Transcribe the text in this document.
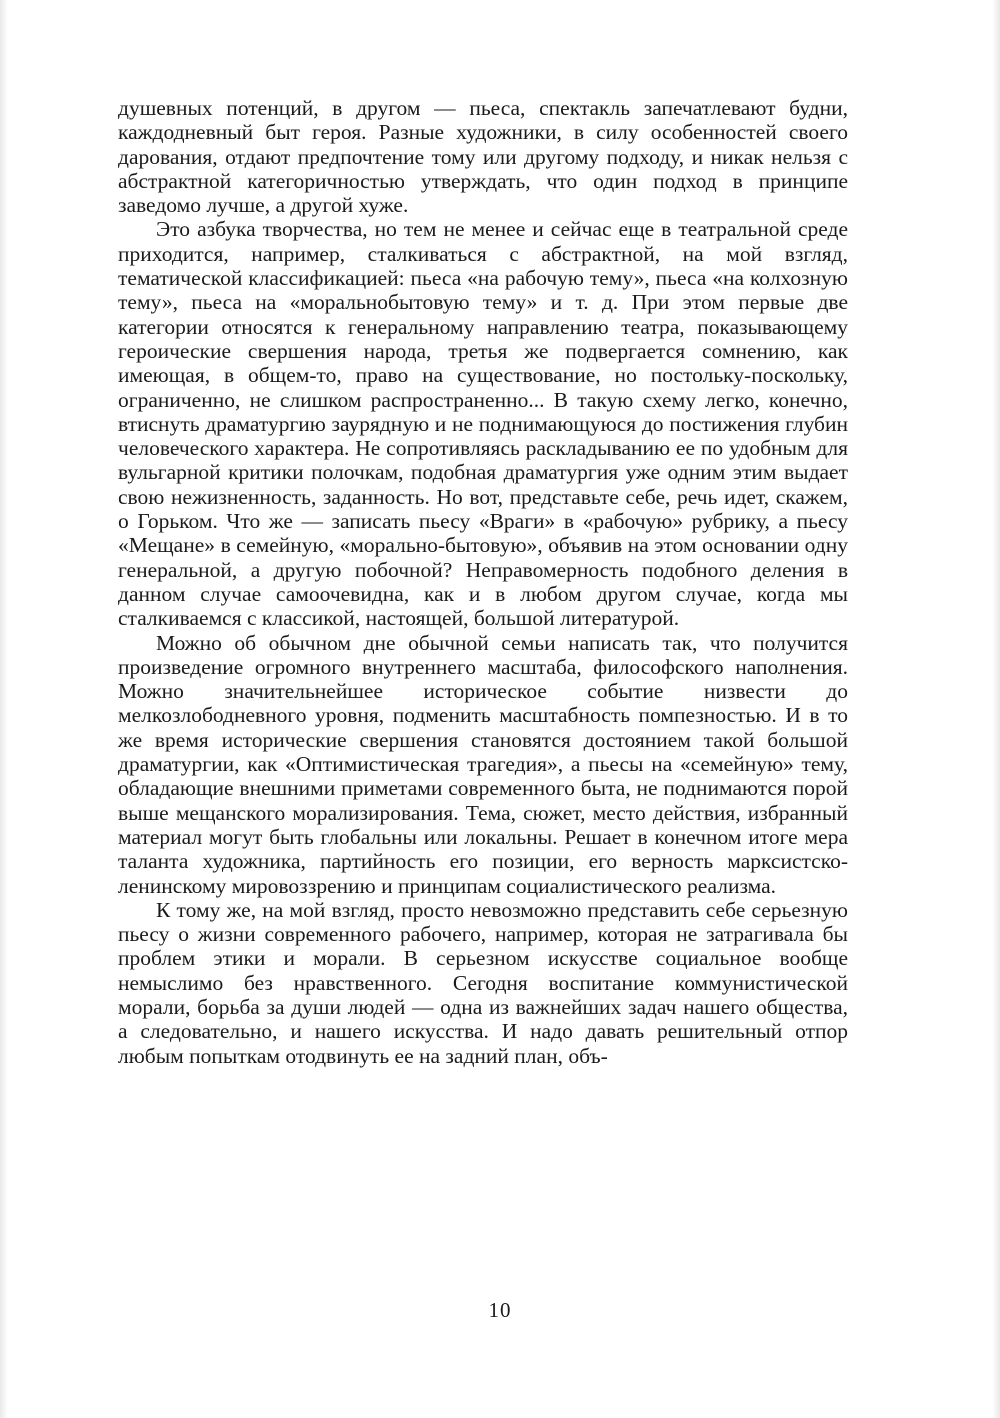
душевных потенций, в другом — пьеса, спектакль запечатлевают будни, каждодневный быт героя. Разные художники, в силу особенностей своего дарования, отдают предпочтение тому или другому подходу, и никак нельзя с абстрактной категоричностью утверждать, что один подход в принципе заведомо лучше, а другой хуже.

Это азбука творчества, но тем не менее и сейчас еще в театральной среде приходится, например, сталкиваться с абстрактной, на мой взгляд, тематической классификацией: пьеса «на рабочую тему», пьеса «на колхозную тему», пьеса на «моральнобытовую тему» и т. д. При этом первые две категории относятся к генеральному направлению театра, показывающему героические свершения народа, третья же подвергается сомнению, как имеющая, в общем-то, право на существование, но постольку-поскольку, ограниченно, не слишком распространенно... В такую схему легко, конечно, втиснуть драматургию заурядную и не поднимающуюся до постижения глубин человеческого характера. Не сопротивляясь раскладыванию ее по удобным для вульгарной критики полочкам, подобная драматургия уже одним этим выдает свою нежизненность, заданность. Но вот, представьте себе, речь идет, скажем, о Горьком. Что же — записать пьесу «Враги» в «рабочую» рубрику, а пьесу «Мещане» в семейную, «морально-бытовую», объявив на этом основании одну генеральной, а другую побочной? Неправомерность подобного деления в данном случае самоочевидна, как и в любом другом случае, когда мы сталкиваемся с классикой, настоящей, большой литературой.

Можно об обычном дне обычной семьи написать так, что получится произведение огромного внутреннего масштаба, философского наполнения. Можно значительнейшее историческое событие низвести до мелкозлободневного уровня, подменить масштабность помпезностью. И в то же время исторические свершения становятся достоянием такой большой драматургии, как «Оптимистическая трагедия», а пьесы на «семейную» тему, обладающие внешними приметами современного быта, не поднимаются порой выше мещанского морализирования. Тема, сюжет, место действия, избранный материал могут быть глобальны или локальны. Решает в конечном итоге мера таланта художника, партийность его позиции, его верность марксистско-ленинскому мировоззрению и принципам социалистического реализма.

К тому же, на мой взгляд, просто невозможно представить себе серьезную пьесу о жизни современного рабочего, например, которая не затрагивала бы проблем этики и морали. В серьезном искусстве социальное вообще немыслимо без нравственного. Сегодня воспитание коммунистической морали, борьба за души людей — одна из важнейших задач нашего общества, а следовательно, и нашего искусства. И надо давать решительный отпор любым попыткам отодвинуть ее на задний план, объ-

10
